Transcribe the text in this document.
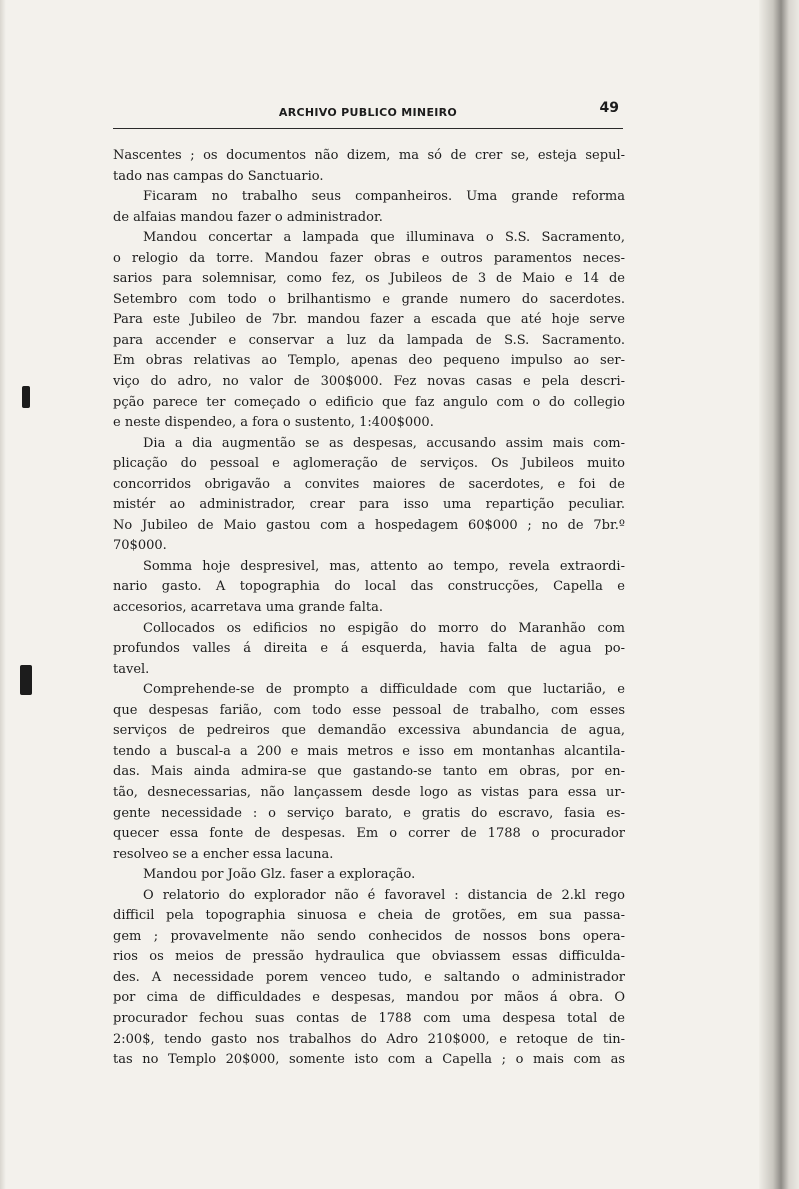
ARCHIVO PUBLICO MINEIRO	49
Nascentes ; os documentos não dizem, ma só de crer se, esteja sepul-
tado nas campas do Sanctuario.
Ficaram no trabalho seus companheiros. Uma grande reforma
de alfaias mandou fazer o administrador.
Mandou concertar a lampada que illuminava o S.S. Sacramento,
o relogio da torre. Mandou fazer obras e outros paramentos neces-
sarios para solemnisar, como fez, os Jubileos de 3 de Maio e 14 de
Setembro com todo o brilhantismo e grande numero do sacerdotes.
Para este Jubileo de 7br. mandou fazer a escada que até hoje serve
para accender e conservar a luz da lampada de S.S. Sacramento.
Em obras relativas ao Templo, apenas deo pequeno impulso ao ser-
viço do adro, no valor de 300$000. Fez novas casas e pela descri-
pção parece ter começado o edificio que faz angulo com o do collegio
e neste dispendeo, a fora o sustento, 1:400$000.
Dia a dia augmentão se as despesas, accusando assim mais com-
plicação do pessoal e aglomeração de serviços. Os Jubileos muito
concorridos obrigavão a convites maiores de sacerdotes, e foi de
mistér ao administrador, crear para isso uma repartição peculiar.
No Jubileo de Maio gastou com a hospedagem 60$000 ; no de 7br.º
70$000.
Somma hoje despresivel, mas, attento ao tempo, revela extraordi-
nario gasto. A topographia do local das construcções, Capella e
accesorios, acarretava uma grande falta.
Collocados os edificios no espigão do morro do Maranhão com
profundos valles á direita e á esquerda, havia falta de agua po-
tavel.
Comprehende-se de prompto a difficuldade com que luctarião, e
que despesas farião, com todo esse pessoal de trabalho, com esses
serviços de pedreiros que demandão excessiva abundancia de agua,
tendo a buscal-a a 200 e mais metros e isso em montanhas alcantila-
das. Mais ainda admira-se que gastando-se tanto em obras, por en-
tão, desnecessarias, não lançassem desde logo as vistas para essa ur-
gente necessidade : o serviço barato, e gratis do escravo, fasia es-
quecer essa fonte de despesas. Em o correr de 1788 o procurador
resolveo se a encher essa lacuna.
Mandou por João Glz. faser a exploração.
O relatorio do explorador não é favoravel : distancia de 2.kl rego
difficil pela topographia sinuosa e cheia de grotões, em sua passa-
gem ; provavelmente não sendo conhecidos de nossos bons opera-
rios os meios de pressão hydraulica que obviassem essas difficulda-
des. A necessidade porem venceo tudo, e saltando o administrador
por cima de difficuldades e despesas, mandou por mãos á obra. O
procurador fechou suas contas de 1788 com uma despesa total de
2:00$, tendo gasto nos trabalhos do Adro 210$000, e retoque de tin-
tas no Templo 20$000, somente isto com a Capella ; o mais com as
